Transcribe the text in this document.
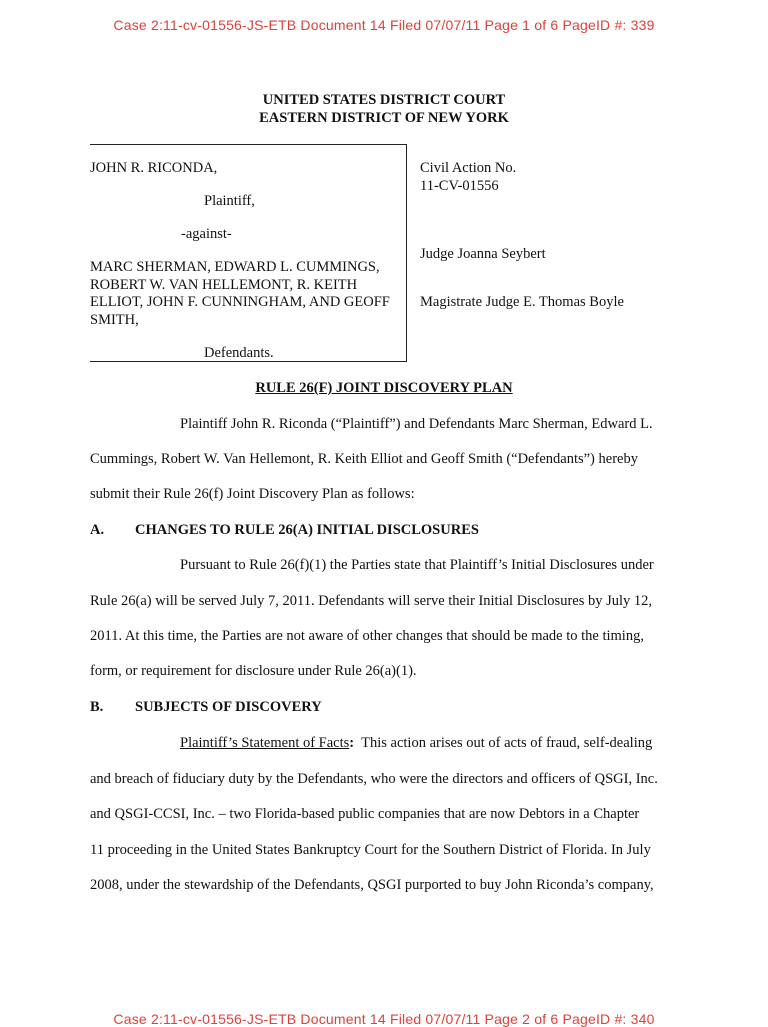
Case 2:11-cv-01556-JS-ETB Document 14 Filed 07/07/11 Page 1 of 6 PageID #: 339
UNITED STATES DISTRICT COURT
EASTERN DISTRICT OF NEW YORK
JOHN R. RICONDA,
Plaintiff,
-against-
MARC SHERMAN, EDWARD L. CUMMINGS, ROBERT W. VAN HELLEMONT, R. KEITH ELLIOT, JOHN F. CUNNINGHAM, AND GEOFF SMITH,
Defendants.
Civil Action No.
11-CV-01556
Judge Joanna Seybert
Magistrate Judge E. Thomas Boyle
RULE 26(F) JOINT DISCOVERY PLAN
Plaintiff John R. Riconda (“Plaintiff”) and Defendants Marc Sherman, Edward L.
Cummings, Robert W. Van Hellemont, R. Keith Elliot and Geoff Smith (“Defendants”) hereby
submit their Rule 26(f) Joint Discovery Plan as follows:
A. CHANGES TO RULE 26(A) INITIAL DISCLOSURES
Pursuant to Rule 26(f)(1) the Parties state that Plaintiff’s Initial Disclosures under
Rule 26(a) will be served July 7, 2011. Defendants will serve their Initial Disclosures by July 12,
2011. At this time, the Parties are not aware of other changes that should be made to the timing,
form, or requirement for disclosure under Rule 26(a)(1).
B. SUBJECTS OF DISCOVERY
Plaintiff’s Statement of Facts:  This action arises out of acts of fraud, self-dealing
and breach of fiduciary duty by the Defendants, who were the directors and officers of QSGI, Inc.
and QSGI-CCSI, Inc. – two Florida-based public companies that are now Debtors in a Chapter
11 proceeding in the United States Bankruptcy Court for the Southern District of Florida. In July
2008, under the stewardship of the Defendants, QSGI purported to buy John Riconda’s company,
Case 2:11-cv-01556-JS-ETB Document 14 Filed 07/07/11 Page 2 of 6 PageID #: 340
